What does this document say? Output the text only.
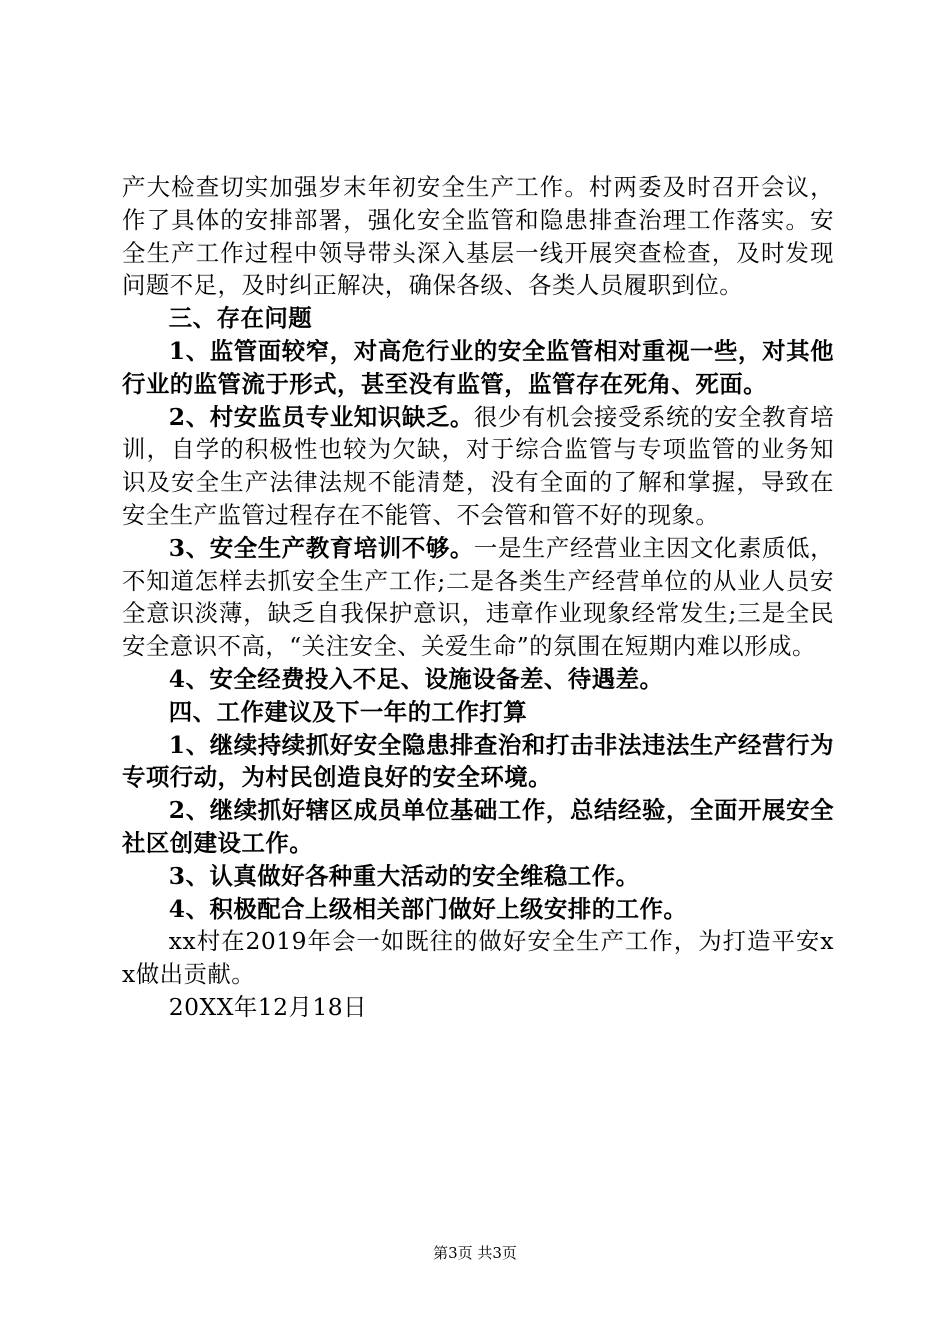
产大检查切实加强岁末年初安全生产工作。村两委及时召开会议，作了具体的安排部署，强化安全监管和隐患排查治理工作落实。安全生产工作过程中领导带头深入基层一线开展突查检查，及时发现问题不足，及时纠正解决，确保各级、各类人员履职到位。

三、存在问题

1、监管面较窄，对高危行业的安全监管相对重视一些，对其他行业的监管流于形式，甚至没有监管，监管存在死角、死面。

2、村安监员专业知识缺乏。很少有机会接受系统的安全教育培训，自学的积极性也较为欠缺，对于综合监管与专项监管的业务知识及安全生产法律法规不能清楚，没有全面的了解和掌握，导致在安全生产监管过程存在不能管、不会管和管不好的现象。

3、安全生产教育培训不够。一是生产经营业主因文化素质低，不知道怎样去抓安全生产工作;二是各类生产经营单位的从业人员安全意识淡薄，缺乏自我保护意识，违章作业现象经常发生;三是全民安全意识不高，“关注安全、关爱生命”的氛围在短期内难以形成。

4、安全经费投入不足、设施设备差、待遇差。

四、工作建议及下一年的工作打算

1、继续持续抓好安全隐患排查治和打击非法违法生产经营行为专项行动，为村民创造良好的安全环境。

2、继续抓好辖区成员单位基础工作，总结经验，全面开展安全社区创建设工作。

3、认真做好各种重大活动的安全维稳工作。

4、积极配合上级相关部门做好上级安排的工作。

xx村在2019年会一如既往的做好安全生产工作，为打造平安xx做出贡献。

20XX年12月18日

第3页 共3页
